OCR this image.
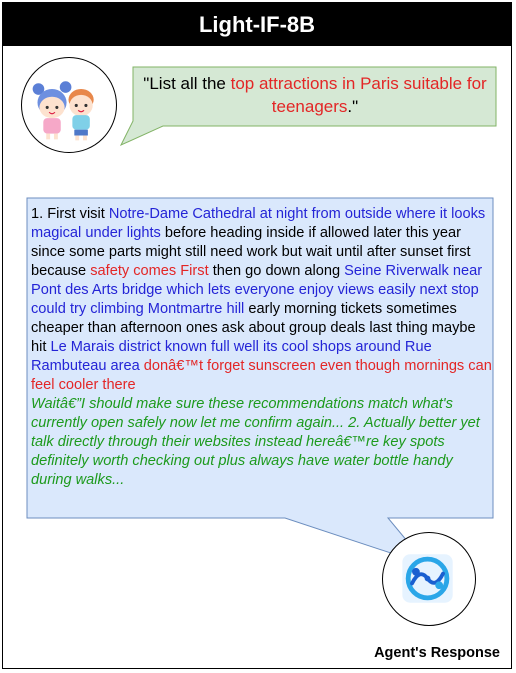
Light-IF-8B
"List all the top attractions in Paris suitable for teenagers."
1. First visit Notre-Dame Cathedral at night from outside where it looks magical under lights before heading inside if allowed later this year since some parts might still need work but wait until after sunset first because safety comes First then go down along Seine Riverwalk near Pont des Arts bridge which lets everyone enjoy views easily next stop could try climbing Montmartre hill early morning tickets sometimes cheaper than afternoon ones ask about group deals last thing maybe hit Le Marais district known full well its cool shops around Rue Rambuteau area donâ€™t forget sunscreen even though mornings can feel cooler there
Waitâ€”I should make sure these recommendations match what's currently open safely now let me confirm again... 2. Actually better yet talk directly through their websites instead hereâ€™re key spots definitely worth checking out plus always have water bottle handy during walks...
Agent's Response
